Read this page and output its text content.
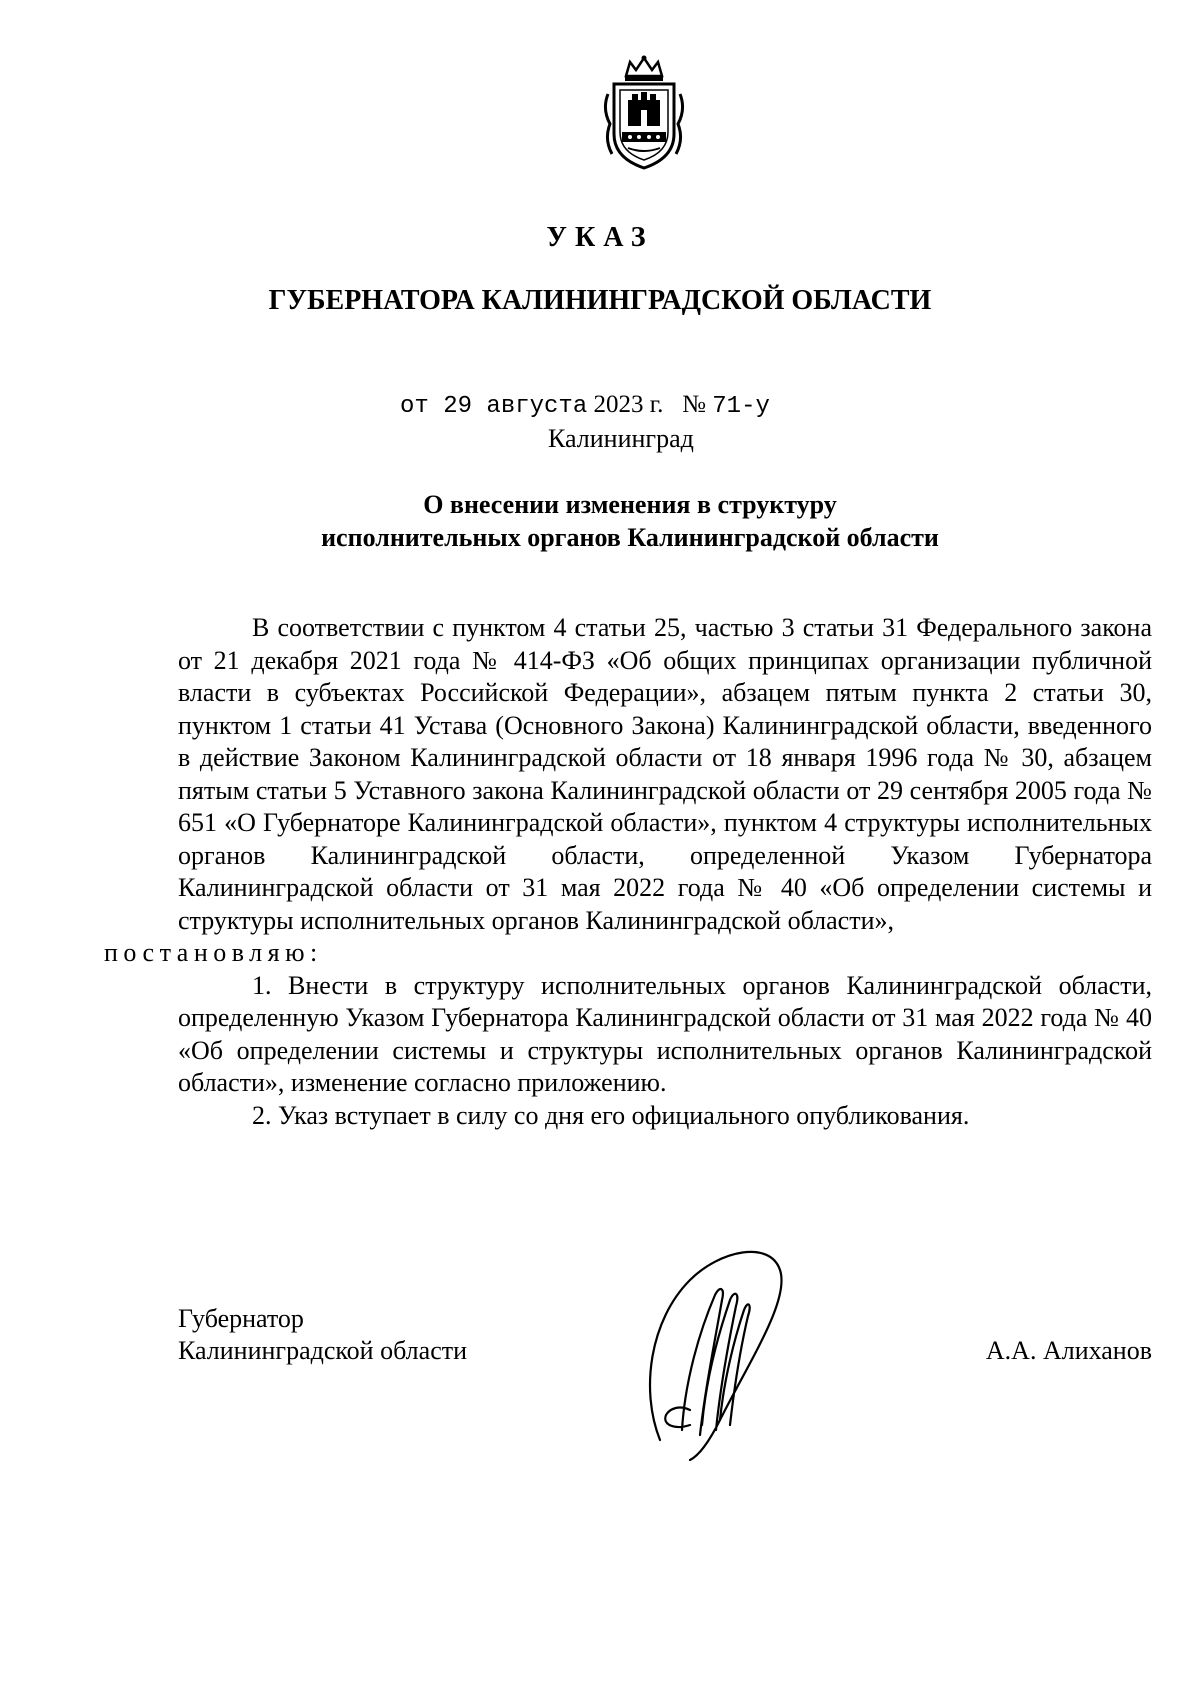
УКАЗ
ГУБЕРНАТОРА КАЛИНИНГРАДСКОЙ ОБЛАСТИ
от 29 августа 2023 г. № 71-у
Калининград
О внесении изменения в структуру
исполнительных органов Калининградской области

В соответствии с пунктом 4 статьи 25, частью 3 статьи 31 Федерального закона от 21 декабря 2021 года № 414-ФЗ «Об общих принципах организации публичной власти в субъектах Российской Федерации», абзацем пятым пункта 2 статьи 30, пунктом 1 статьи 41 Устава (Основного Закона) Калининградской области, введенного в действие Законом Калининградской области от 18 января 1996 года № 30, абзацем пятым статьи 5 Уставного закона Калининградской области от 29 сентября 2005 года № 651 «О Губернаторе Калининградской области», пунктом 4 структуры исполнительных органов Калининградской области, определенной Указом Губернатора Калининградской области от 31 мая 2022 года № 40 «Об определении системы и структуры исполнительных органов Калининградской области»,
постановляю:

1. Внести в структуру исполнительных органов Калининградской области, определенную Указом Губернатора Калининградской области от 31 мая 2022 года № 40 «Об определении системы и структуры исполнительных органов Калининградской области», изменение согласно приложению.

2. Указ вступает в силу со дня его официального опубликования.

Губернатор
Калининградской области	А.А. Алиханов
